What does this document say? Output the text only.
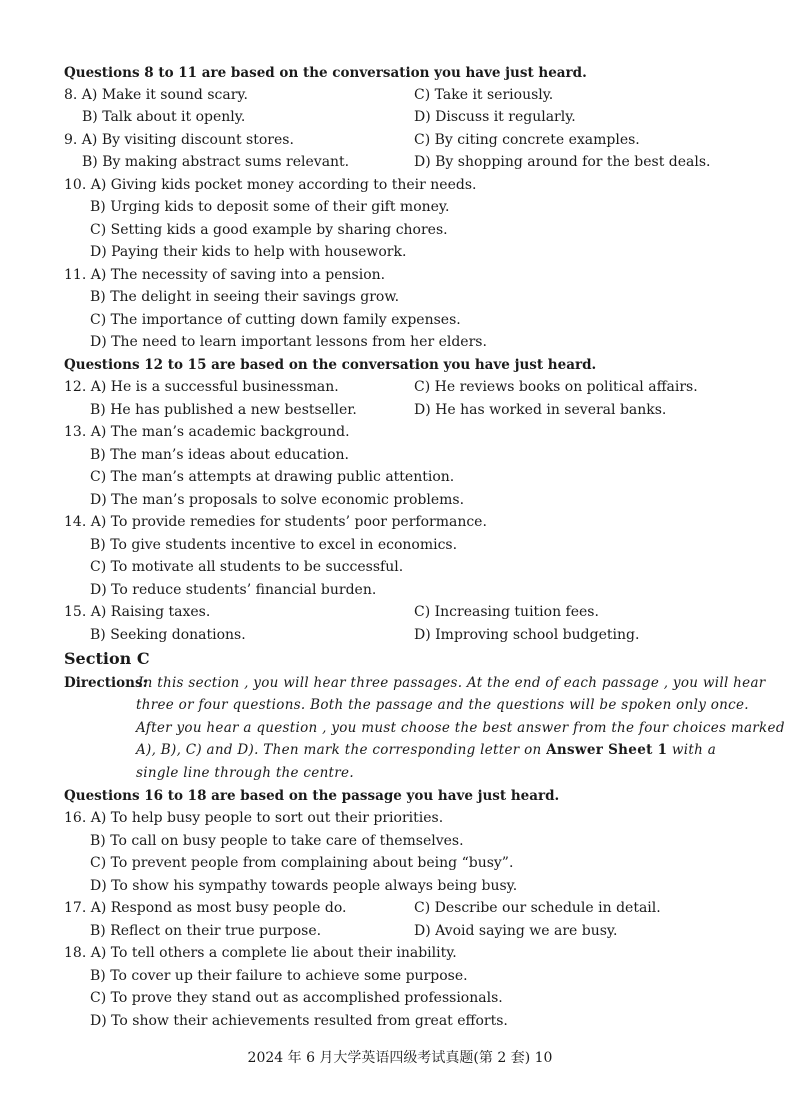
Questions 8 to 11 are based on the conversation you have just heard.
8. A) Make it sound scary.	C) Take it seriously.
B) Talk about it openly.	D) Discuss it regularly.
9. A) By visiting discount stores.	C) By citing concrete examples.
B) By making abstract sums relevant.	D) By shopping around for the best deals.
10. A) Giving kids pocket money according to their needs.
B) Urging kids to deposit some of their gift money.
C) Setting kids a good example by sharing chores.
D) Paying their kids to help with housework.
11. A) The necessity of saving into a pension.
B) The delight in seeing their savings grow.
C) The importance of cutting down family expenses.
D) The need to learn important lessons from her elders.
Questions 12 to 15 are based on the conversation you have just heard.
12. A) He is a successful businessman.	C) He reviews books on political affairs.
B) He has published a new bestseller.	D) He has worked in several banks.
13. A) The man’s academic background.
B) The man’s ideas about education.
C) The man’s attempts at drawing public attention.
D) The man’s proposals to solve economic problems.
14. A) To provide remedies for students’ poor performance.
B) To give students incentive to excel in economics.
C) To motivate all students to be successful.
D) To reduce students’ financial burden.
15. A) Raising taxes.	C) Increasing tuition fees.
B) Seeking donations.	D) Improving school budgeting.
Section C
Directions:
In this section , you will hear three passages. At the end of each passage , you will hear
three or four questions. Both the passage and the questions will be spoken only once.
After you hear a question , you must choose the best answer from the four choices marked
A), B), C) and D). Then mark the corresponding letter on Answer Sheet 1 with a
single line through the centre.
Questions 16 to 18 are based on the passage you have just heard.
16. A) To help busy people to sort out their priorities.
B) To call on busy people to take care of themselves.
C) To prevent people from complaining about being “busy”.
D) To show his sympathy towards people always being busy.
17. A) Respond as most busy people do.	C) Describe our schedule in detail.
B) Reflect on their true purpose.	D) Avoid saying we are busy.
18. A) To tell others a complete lie about their inability.
B) To cover up their failure to achieve some purpose.
C) To prove they stand out as accomplished professionals.
D) To show their achievements resulted from great efforts.
2024 年 6 月大学英语四级考试真题(第 2 套) 10
